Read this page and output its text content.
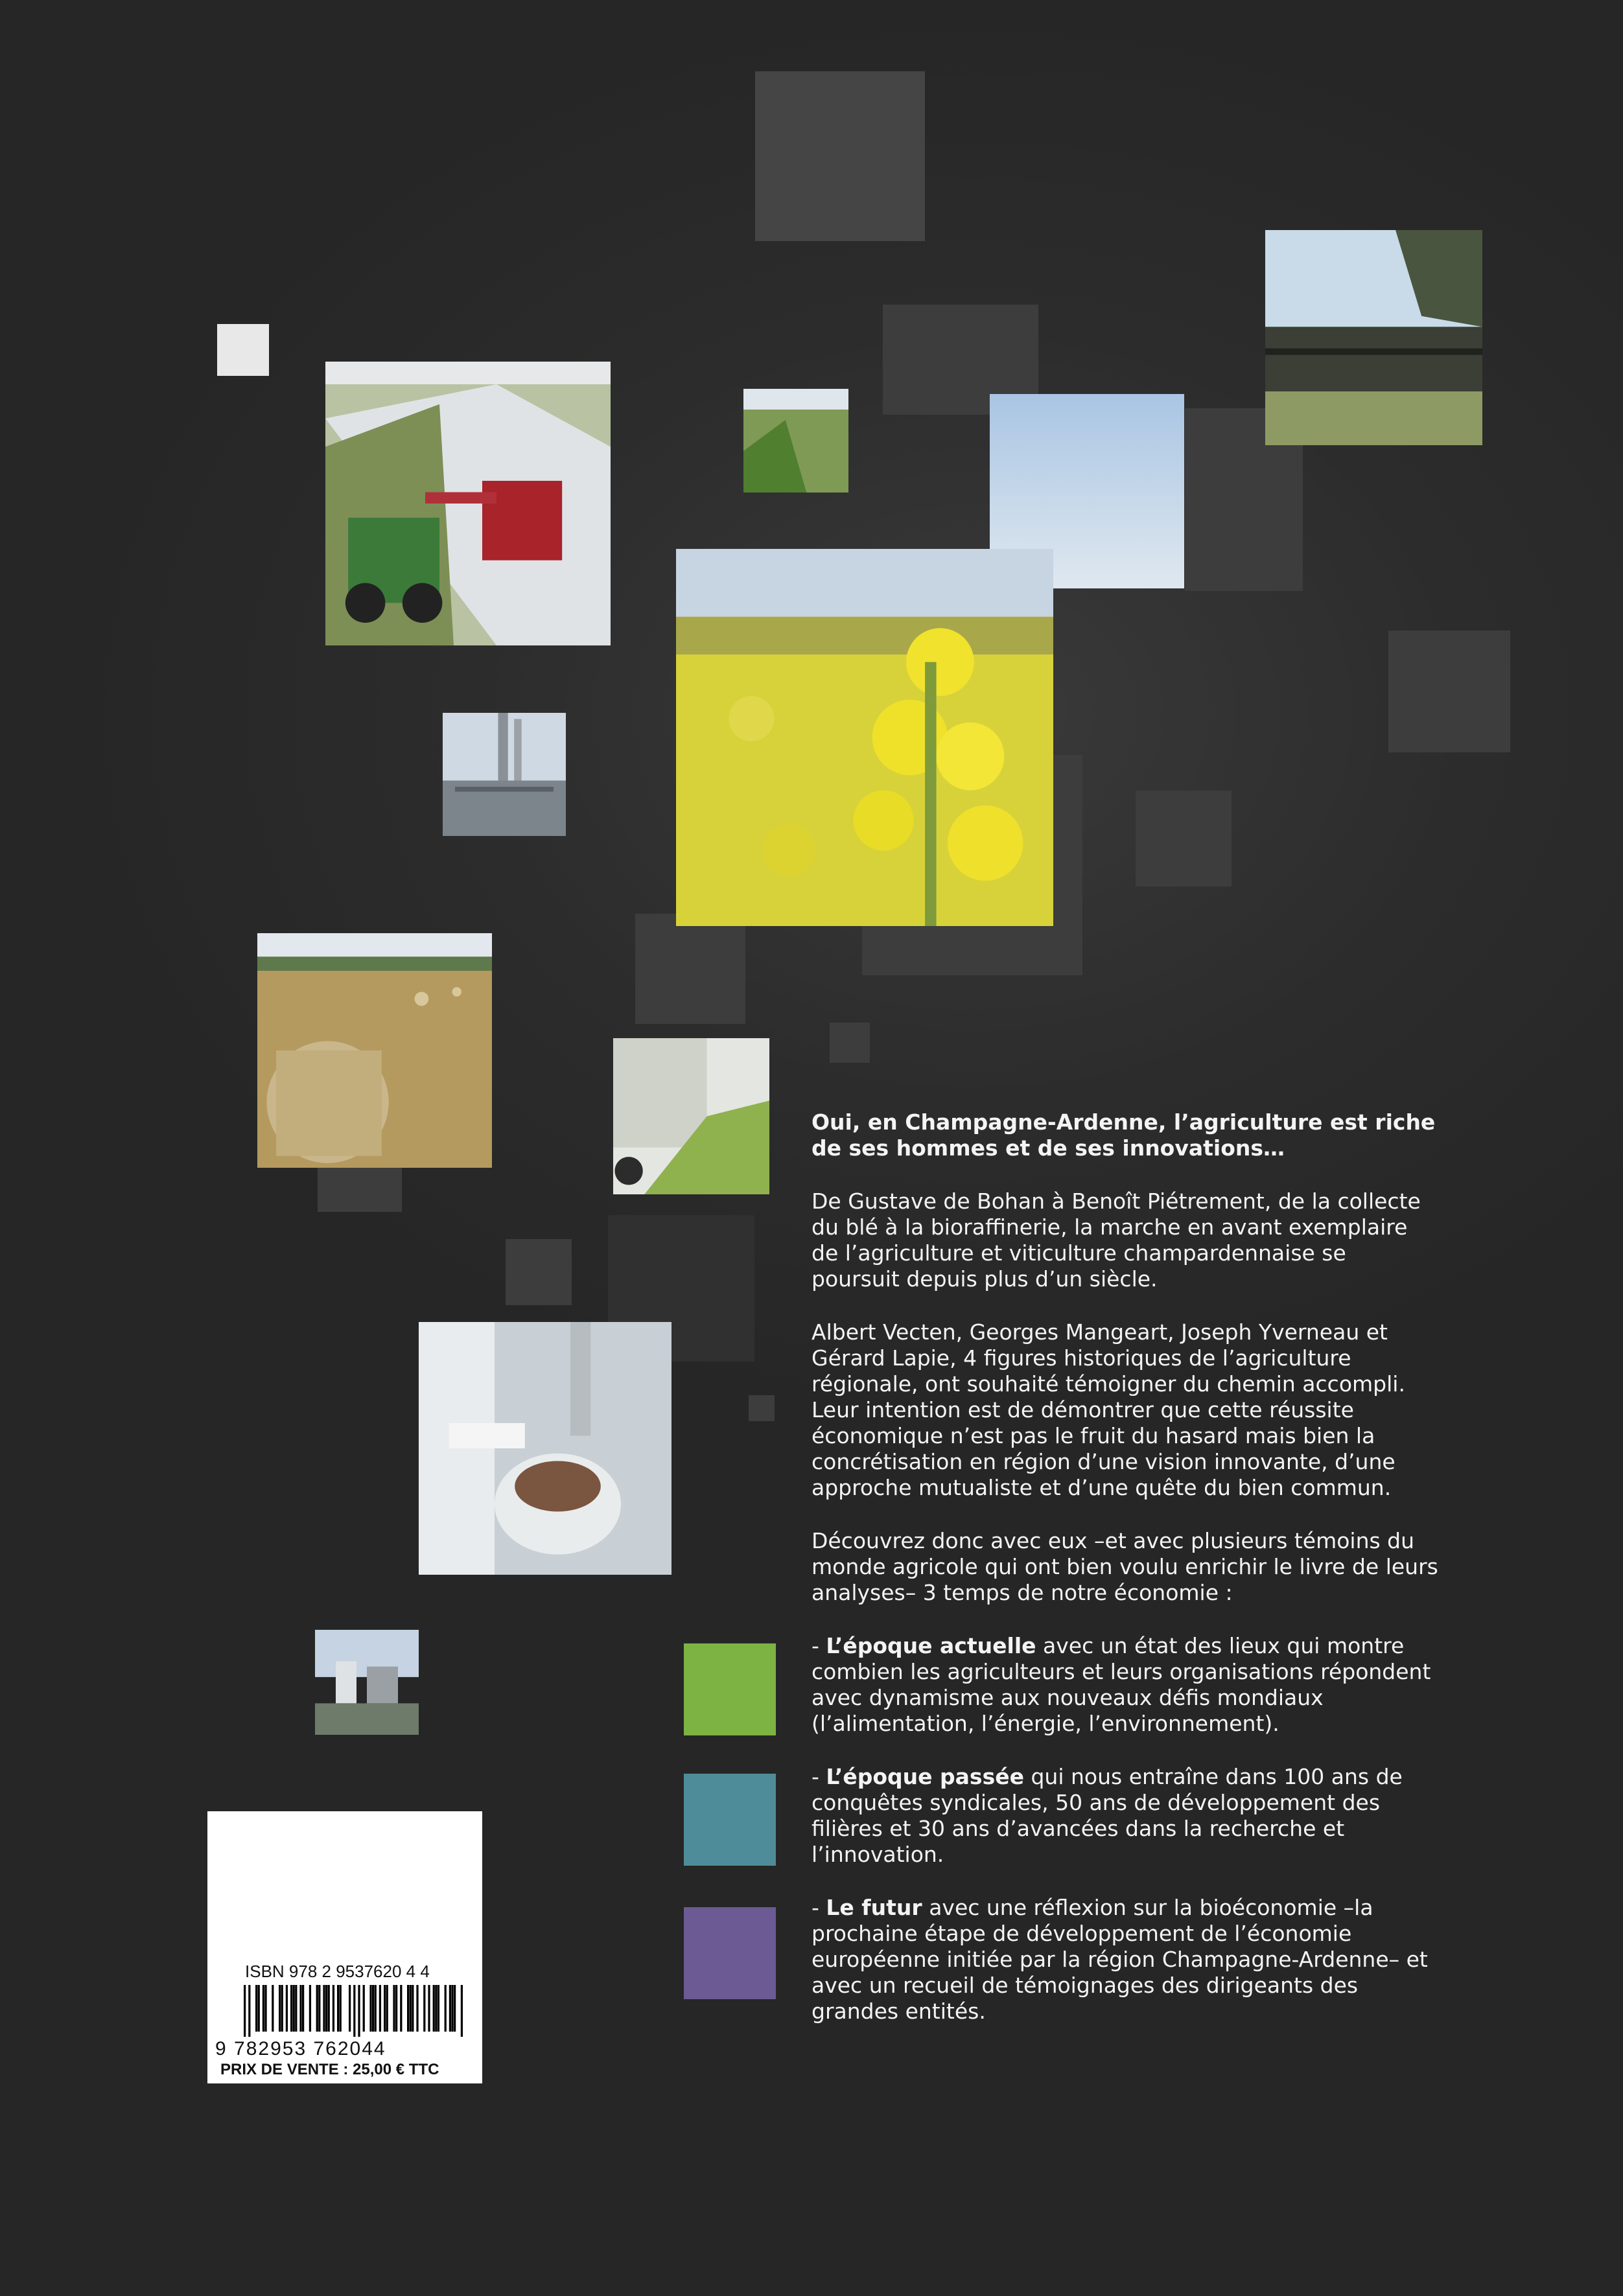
Oui, en Champagne-Ardenne, l’agriculture est riche de ses hommes et de ses innovations…

De Gustave de Bohan à Benoît Piétrement, de la collecte du blé à la bioraffinerie, la marche en avant exemplaire de l’agriculture et viticulture champardennaise se poursuit depuis plus d’un siècle.

Albert Vecten, Georges Mangeart, Joseph Yverneau et Gérard Lapie, 4 figures historiques de l’agriculture régionale, ont souhaité témoigner du chemin accompli. Leur intention est de démontrer que cette réussite économique n’est pas le fruit du hasard mais bien la concrétisation en région d’une vision innovante, d’une approche mutualiste et d’une quête du bien commun.

Découvrez donc avec eux –et avec plusieurs témoins du monde agricole qui ont bien voulu enrichir le livre de leurs analyses– 3 temps de notre économie :

- L’époque actuelle avec un état des lieux qui montre combien les agriculteurs et leurs organisations répondent avec dynamisme aux nouveaux défis mondiaux (l’alimentation, l’énergie, l’environnement).

- L’époque passée qui nous entraîne dans 100 ans de conquêtes syndicales, 50 ans de développement des filières et 30 ans d’avancées dans la recherche et l’innovation.

- Le futur avec une réflexion sur la bioéconomie –la prochaine étape de développement de l’économie européenne initiée par la région Champagne-Ardenne– et avec un recueil de témoignages des dirigeants des grandes entités.

ISBN 978 2 9537620 4 4
9 782953 762044
PRIX DE VENTE : 25,00 € TTC
